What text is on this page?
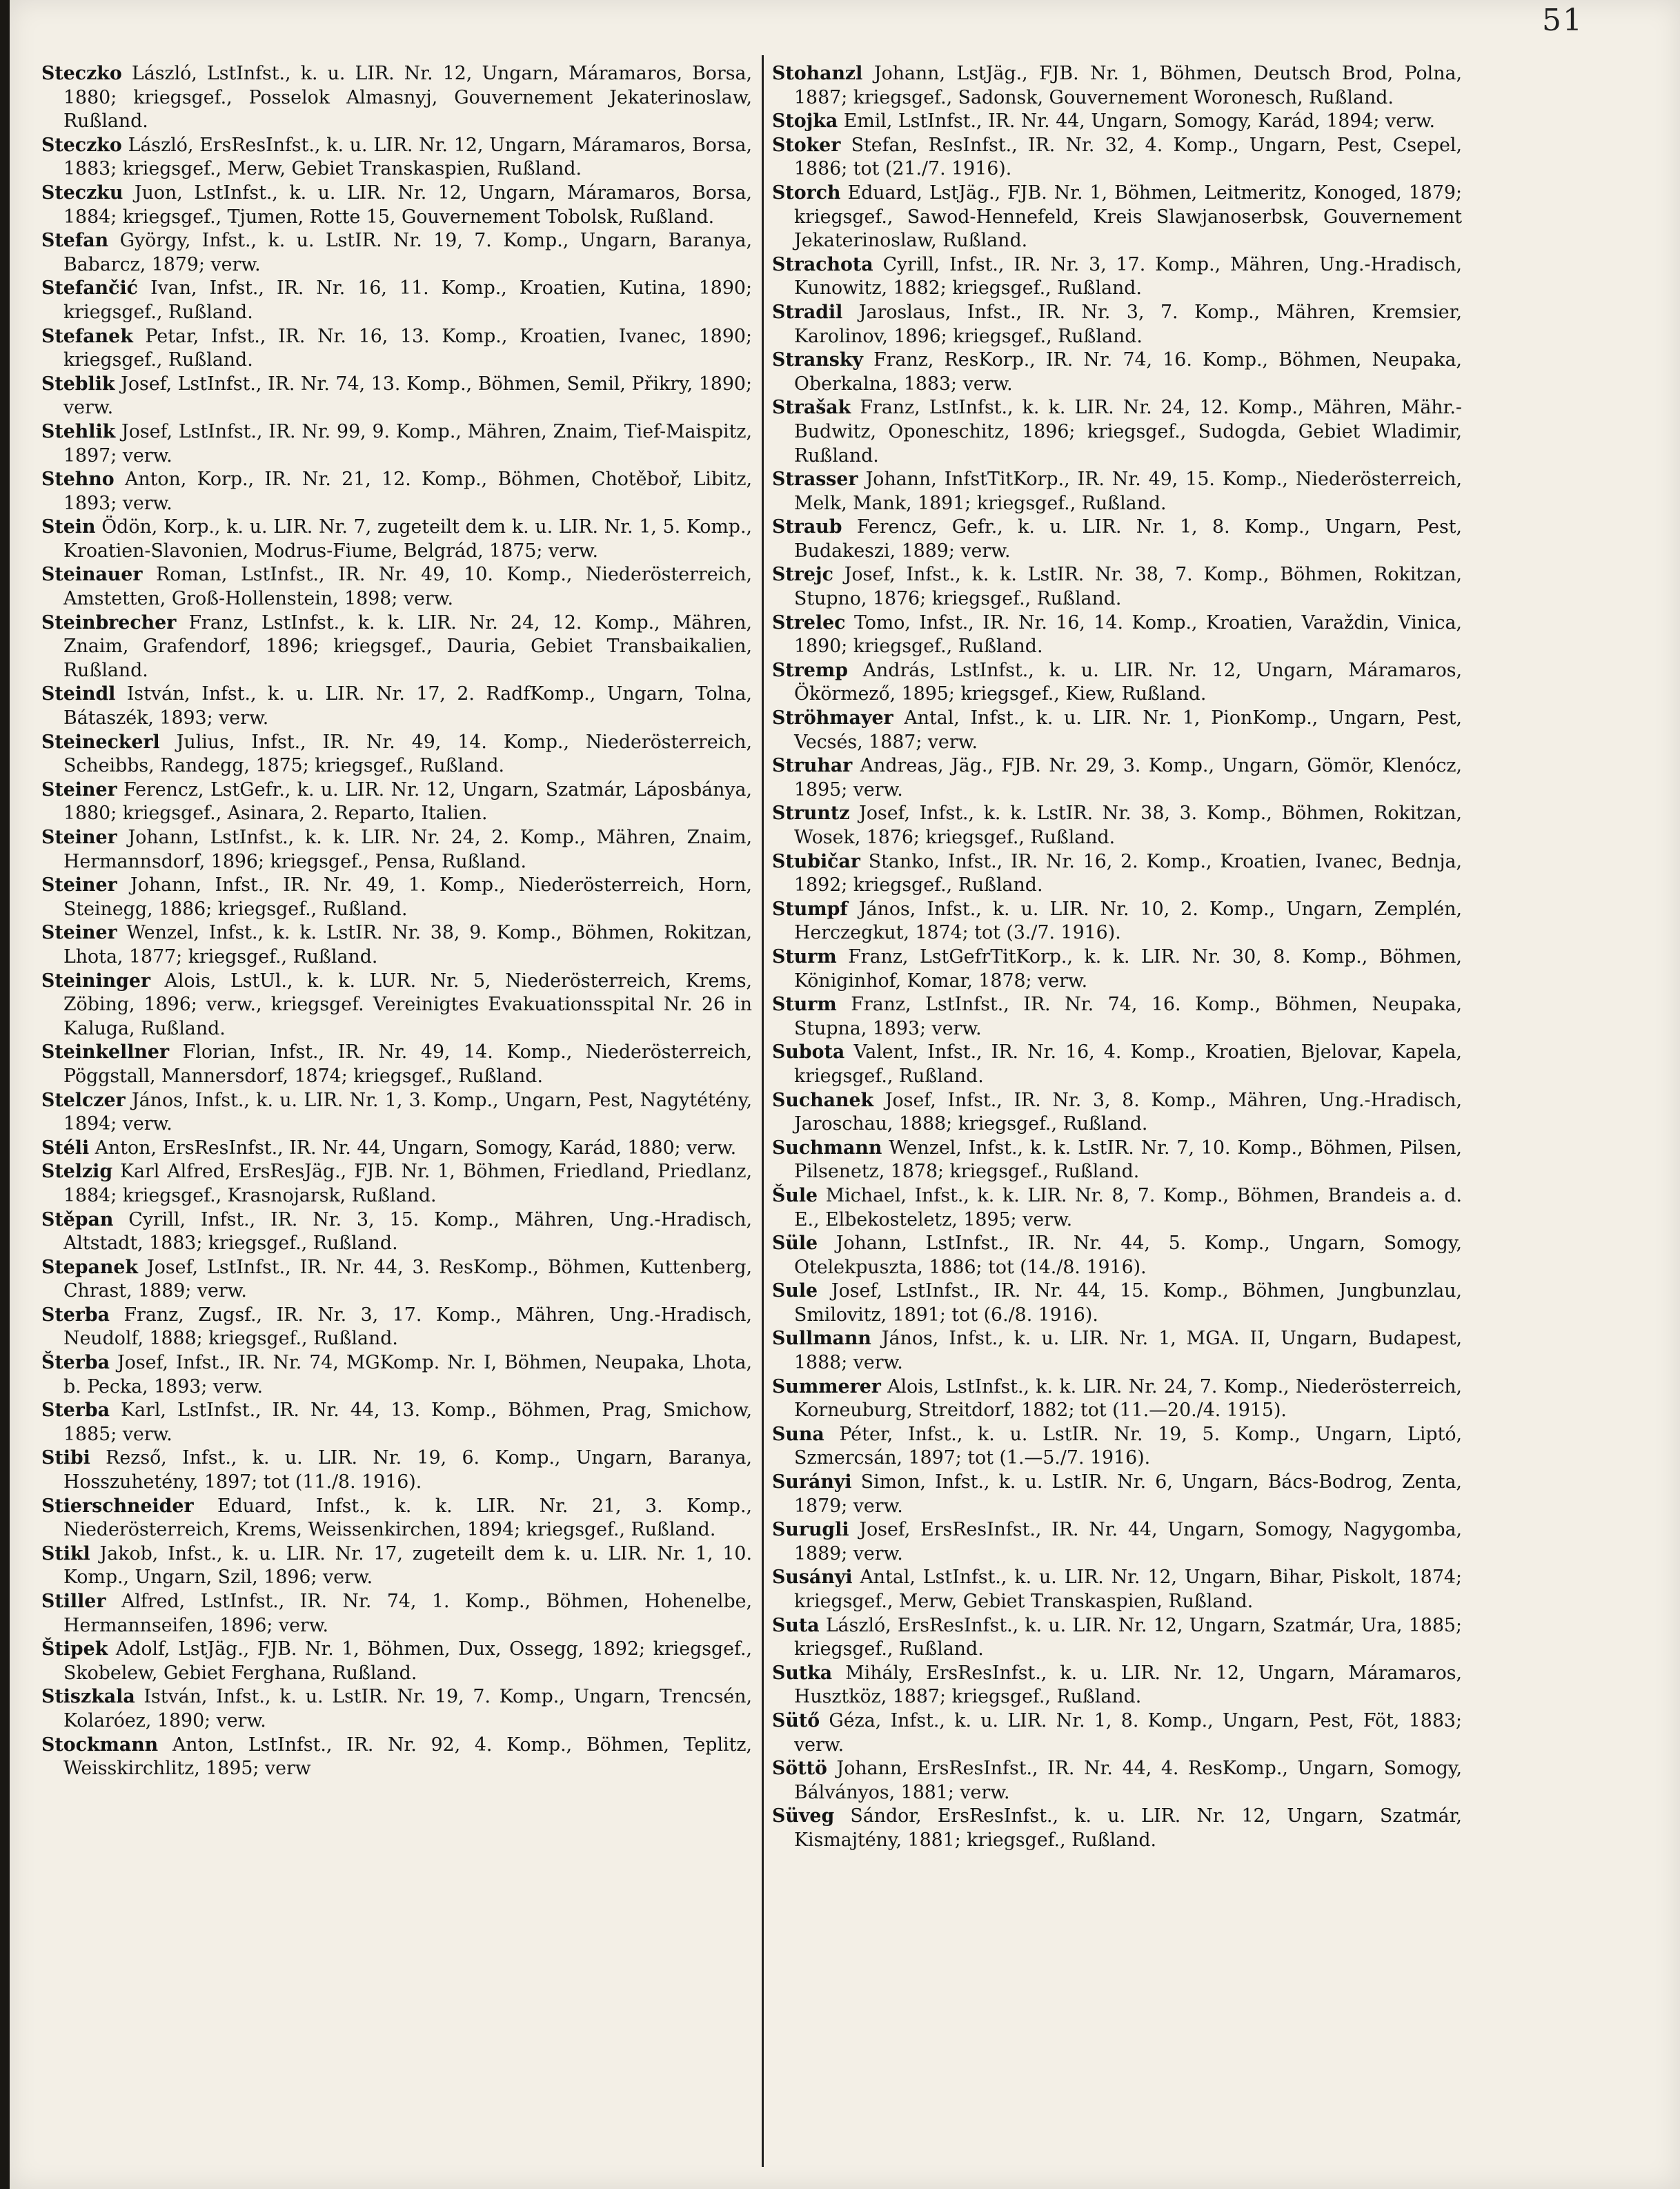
51

Steczko László, LstInfst., k. u. LIR. Nr. 12, Ungarn, Máramaros, Borsa, 1880; kriegsgef., Posselok Almasnyj, Gouvernement Jekaterinoslaw, Rußland.

Steczko László, ErsResInfst., k. u. LIR. Nr. 12, Ungarn, Máramaros, Borsa, 1883; kriegsgef., Merw, Gebiet Transkaspien, Rußland.

Steczku Juon, LstInfst., k. u. LIR. Nr. 12, Ungarn, Máramaros, Borsa, 1884; kriegsgef., Tjumen, Rotte 15, Gouvernement Tobolsk, Rußland.

Stefan György, Infst., k. u. LstIR. Nr. 19, 7. Komp., Ungarn, Baranya, Babarcz, 1879; verw.

Stefančić Ivan, Infst., IR. Nr. 16, 11. Komp., Kroatien, Kutina, 1890; kriegsgef., Rußland.

Stefanek Petar, Infst., IR. Nr. 16, 13. Komp., Kroatien, Ivanec, 1890; kriegsgef., Rußland.

Steblik Josef, LstInfst., IR. Nr. 74, 13. Komp., Böhmen, Semil, Přikry, 1890; verw.

Stehlik Josef, LstInfst., IR. Nr. 99, 9. Komp., Mähren, Znaim, Tief-Maispitz, 1897; verw.

Stehno Anton, Korp., IR. Nr. 21, 12. Komp., Böhmen, Chotěboř, Libitz, 1893; verw.

Stein Ödön, Korp., k. u. LIR. Nr. 7, zugeteilt dem k. u. LIR. Nr. 1, 5. Komp., Kroatien-Slavonien, Modrus-Fiume, Belgrád, 1875; verw.

Steinauer Roman, LstInfst., IR. Nr. 49, 10. Komp., Niederösterreich, Amstetten, Groß-Hollenstein, 1898; verw.

Steinbrecher Franz, LstInfst., k. k. LIR. Nr. 24, 12. Komp., Mähren, Znaim, Grafendorf, 1896; kriegsgef., Dauria, Gebiet Transbaikalien, Rußland.

Steindl István, Infst., k. u. LIR. Nr. 17, 2. RadfKomp., Ungarn, Tolna, Bátaszék, 1893; verw.

Steineckerl Julius, Infst., IR. Nr. 49, 14. Komp., Niederösterreich, Scheibbs, Randegg, 1875; kriegsgef., Rußland.

Steiner Ferencz, LstGefr., k. u. LIR. Nr. 12, Ungarn, Szatmár, Láposbánya, 1880; kriegsgef., Asinara, 2. Reparto, Italien.

Steiner Johann, LstInfst., k. k. LIR. Nr. 24, 2. Komp., Mähren, Znaim, Hermannsdorf, 1896; kriegsgef., Pensa, Rußland.

Steiner Johann, Infst., IR. Nr. 49, 1. Komp., Niederösterreich, Horn, Steinegg, 1886; kriegsgef., Rußland.

Steiner Wenzel, Infst., k. k. LstIR. Nr. 38, 9. Komp., Böhmen, Rokitzan, Lhota, 1877; kriegsgef., Rußland.

Steininger Alois, LstUl., k. k. LUR. Nr. 5, Niederösterreich, Krems, Zöbing, 1896; verw., kriegsgef. Vereinigtes Evakuationsspital Nr. 26 in Kaluga, Rußland.

Steinkellner Florian, Infst., IR. Nr. 49, 14. Komp., Niederösterreich, Pöggstall, Mannersdorf, 1874; kriegsgef., Rußland.

Stelczer János, Infst., k. u. LIR. Nr. 1, 3. Komp., Ungarn, Pest, Nagytétény, 1894; verw.

Stéli Anton, ErsResInfst., IR. Nr. 44, Ungarn, Somogy, Karád, 1880; verw.

Stelzig Karl Alfred, ErsResJäg., FJB. Nr. 1, Böhmen, Friedland, Priedlanz, 1884; kriegsgef., Krasnojarsk, Rußland.

Stěpan Cyrill, Infst., IR. Nr. 3, 15. Komp., Mähren, Ung.-Hradisch, Altstadt, 1883; kriegsgef., Rußland.

Stepanek Josef, LstInfst., IR. Nr. 44, 3. ResKomp., Böhmen, Kuttenberg, Chrast, 1889; verw.

Sterba Franz, Zugsf., IR. Nr. 3, 17. Komp., Mähren, Ung.-Hradisch, Neudolf, 1888; kriegsgef., Rußland.

Šterba Josef, Infst., IR. Nr. 74, MGKomp. Nr. I, Böhmen, Neupaka, Lhota, b. Pecka, 1893; verw.

Sterba Karl, LstInfst., IR. Nr. 44, 13. Komp., Böhmen, Prag, Smichow, 1885; verw.

Stibi Rezső, Infst., k. u. LIR. Nr. 19, 6. Komp., Ungarn, Baranya, Hosszuhetény, 1897; tot (11./8. 1916).

Stierschneider Eduard, Infst., k. k. LIR. Nr. 21, 3. Komp., Niederösterreich, Krems, Weissenkirchen, 1894; kriegsgef., Rußland.

Stikl Jakob, Infst., k. u. LIR. Nr. 17, zugeteilt dem k. u. LIR. Nr. 1, 10. Komp., Ungarn, Szil, 1896; verw.

Stiller Alfred, LstInfst., IR. Nr. 74, 1. Komp., Böhmen, Hohenelbe, Hermannseifen, 1896; verw.

Štipek Adolf, LstJäg., FJB. Nr. 1, Böhmen, Dux, Ossegg, 1892; kriegsgef., Skobelew, Gebiet Ferghana, Rußland.

Stiszkala István, Infst., k. u. LstIR. Nr. 19, 7. Komp., Ungarn, Trencsén, Kolaróez, 1890; verw.

Stockmann Anton, LstInfst., IR. Nr. 92, 4. Komp., Böhmen, Teplitz, Weisskirchlitz, 1895; verw

Stohanzl Johann, LstJäg., FJB. Nr. 1, Böhmen, Deutsch Brod, Polna, 1887; kriegsgef., Sadonsk, Gouvernement Woronesch, Rußland.

Stojka Emil, LstInfst., IR. Nr. 44, Ungarn, Somogy, Karád, 1894; verw.

Stoker Stefan, ResInfst., IR. Nr. 32, 4. Komp., Ungarn, Pest, Csepel, 1886; tot (21./7. 1916).

Storch Eduard, LstJäg., FJB. Nr. 1, Böhmen, Leitmeritz, Konoged, 1879; kriegsgef., Sawod-Hennefeld, Kreis Slawjanoserbsk, Gouvernement Jekaterinoslaw, Rußland.

Strachota Cyrill, Infst., IR. Nr. 3, 17. Komp., Mähren, Ung.-Hradisch, Kunowitz, 1882; kriegsgef., Rußland.

Stradil Jaroslaus, Infst., IR. Nr. 3, 7. Komp., Mähren, Kremsier, Karolinov, 1896; kriegsgef., Rußland.

Stransky Franz, ResKorp., IR. Nr. 74, 16. Komp., Böhmen, Neupaka, Oberkalna, 1883; verw.

Strašak Franz, LstInfst., k. k. LIR. Nr. 24, 12. Komp., Mähren, Mähr.-Budwitz, Oponeschitz, 1896; kriegsgef., Sudogda, Gebiet Wladimir, Rußland.

Strasser Johann, InfstTitKorp., IR. Nr. 49, 15. Komp., Niederösterreich, Melk, Mank, 1891; kriegsgef., Rußland.

Straub Ferencz, Gefr., k. u. LIR. Nr. 1, 8. Komp., Ungarn, Pest, Budakeszi, 1889; verw.

Strejc Josef, Infst., k. k. LstIR. Nr. 38, 7. Komp., Böhmen, Rokitzan, Stupno, 1876; kriegsgef., Rußland.

Strelec Tomo, Infst., IR. Nr. 16, 14. Komp., Kroatien, Varaždin, Vinica, 1890; kriegsgef., Rußland.

Stremp András, LstInfst., k. u. LIR. Nr. 12, Ungarn, Máramaros, Ökörmező, 1895; kriegsgef., Kiew, Rußland.

Ströhmayer Antal, Infst., k. u. LIR. Nr. 1, PionKomp., Ungarn, Pest, Vecsés, 1887; verw.

Struhar Andreas, Jäg., FJB. Nr. 29, 3. Komp., Ungarn, Gömör, Klenócz, 1895; verw.

Struntz Josef, Infst., k. k. LstIR. Nr. 38, 3. Komp., Böhmen, Rokitzan, Wosek, 1876; kriegsgef., Rußland.

Stubičar Stanko, Infst., IR. Nr. 16, 2. Komp., Kroatien, Ivanec, Bednja, 1892; kriegsgef., Rußland.

Stumpf János, Infst., k. u. LIR. Nr. 10, 2. Komp., Ungarn, Zemplén, Herczegkut, 1874; tot (3./7. 1916).

Sturm Franz, LstGefrTitKorp., k. k. LIR. Nr. 30, 8. Komp., Böhmen, Königinhof, Komar, 1878; verw.

Sturm Franz, LstInfst., IR. Nr. 74, 16. Komp., Böhmen, Neupaka, Stupna, 1893; verw.

Subota Valent, Infst., IR. Nr. 16, 4. Komp., Kroatien, Bjelovar, Kapela, kriegsgef., Rußland.

Suchanek Josef, Infst., IR. Nr. 3, 8. Komp., Mähren, Ung.-Hradisch, Jaroschau, 1888; kriegsgef., Rußland.

Suchmann Wenzel, Infst., k. k. LstIR. Nr. 7, 10. Komp., Böhmen, Pilsen, Pilsenetz, 1878; kriegsgef., Rußland.

Šule Michael, Infst., k. k. LIR. Nr. 8, 7. Komp., Böhmen, Brandeis a. d. E., Elbekosteletz, 1895; verw.

Süle Johann, LstInfst., IR. Nr. 44, 5. Komp., Ungarn, Somogy, Otelekpuszta, 1886; tot (14./8. 1916).

Sule Josef, LstInfst., IR. Nr. 44, 15. Komp., Böhmen, Jungbunzlau, Smilovitz, 1891; tot (6./8. 1916).

Sullmann János, Infst., k. u. LIR. Nr. 1, MGA. II, Ungarn, Budapest, 1888; verw.

Summerer Alois, LstInfst., k. k. LIR. Nr. 24, 7. Komp., Niederösterreich, Korneuburg, Streitdorf, 1882; tot (11.—20./4. 1915).

Suna Péter, Infst., k. u. LstIR. Nr. 19, 5. Komp., Ungarn, Liptó, Szmercsán, 1897; tot (1.—5./7. 1916).

Surányi Simon, Infst., k. u. LstIR. Nr. 6, Ungarn, Bács-Bodrog, Zenta, 1879; verw.

Surugli Josef, ErsResInfst., IR. Nr. 44, Ungarn, Somogy, Nagygomba, 1889; verw.

Susányi Antal, LstInfst., k. u. LIR. Nr. 12, Ungarn, Bihar, Piskolt, 1874; kriegsgef., Merw, Gebiet Transkaspien, Rußland.

Suta László, ErsResInfst., k. u. LIR. Nr. 12, Ungarn, Szatmár, Ura, 1885; kriegsgef., Rußland.

Sutka Mihály, ErsResInfst., k. u. LIR. Nr. 12, Ungarn, Máramaros, Husztköz, 1887; kriegsgef., Rußland.

Sütő Géza, Infst., k. u. LIR. Nr. 1, 8. Komp., Ungarn, Pest, Föt, 1883; verw.

Söttö Johann, ErsResInfst., IR. Nr. 44, 4. ResKomp., Ungarn, Somogy, Bálványos, 1881; verw.

Süveg Sándor, ErsResInfst., k. u. LIR. Nr. 12, Ungarn, Szatmár, Kismajtény, 1881; kriegsgef., Rußland.
